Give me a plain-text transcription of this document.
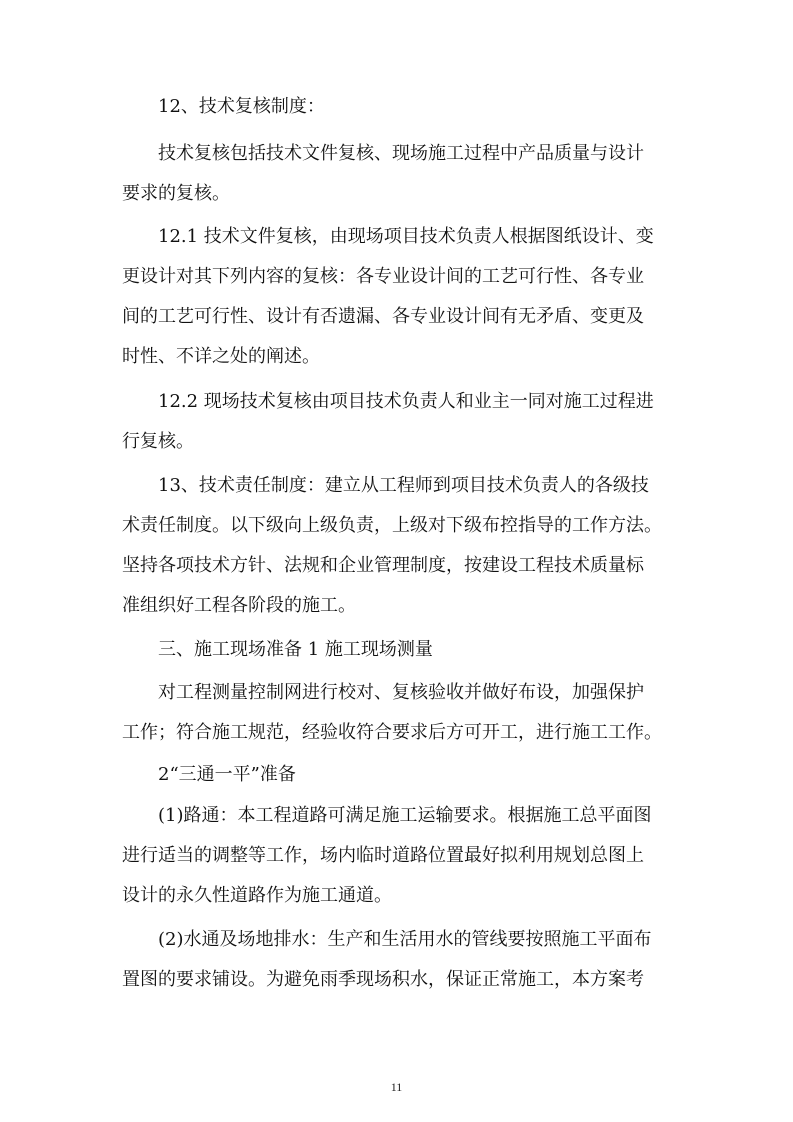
12、技术复核制度：
技术复核包括技术文件复核、现场施工过程中产品质量与设计
要求的复核。
12.1 技术文件复核，由现场项目技术负责人根据图纸设计、变
更设计对其下列内容的复核：各专业设计间的工艺可行性、各专业
间的工艺可行性、设计有否遗漏、各专业设计间有无矛盾、变更及
时性、不详之处的阐述。
12.2 现场技术复核由项目技术负责人和业主一同对施工过程进
行复核。
13、技术责任制度：建立从工程师到项目技术负责人的各级技
术责任制度。以下级向上级负责，上级对下级布控指导的工作方法。
坚持各项技术方针、法规和企业管理制度，按建设工程技术质量标
准组织好工程各阶段的施工。
三、施工现场准备 1 施工现场测量
对工程测量控制网进行校对、复核验收并做好布设，加强保护
工作；符合施工规范，经验收符合要求后方可开工，进行施工工作。
2“三通一平”准备
(1)路通：本工程道路可满足施工运输要求。根据施工总平面图
进行适当的调整等工作，场内临时道路位置最好拟利用规划总图上
设计的永久性道路作为施工通道。
(2)水通及场地排水：生产和生活用水的管线要按照施工平面布
置图的要求铺设。为避免雨季现场积水，保证正常施工，本方案考
11
